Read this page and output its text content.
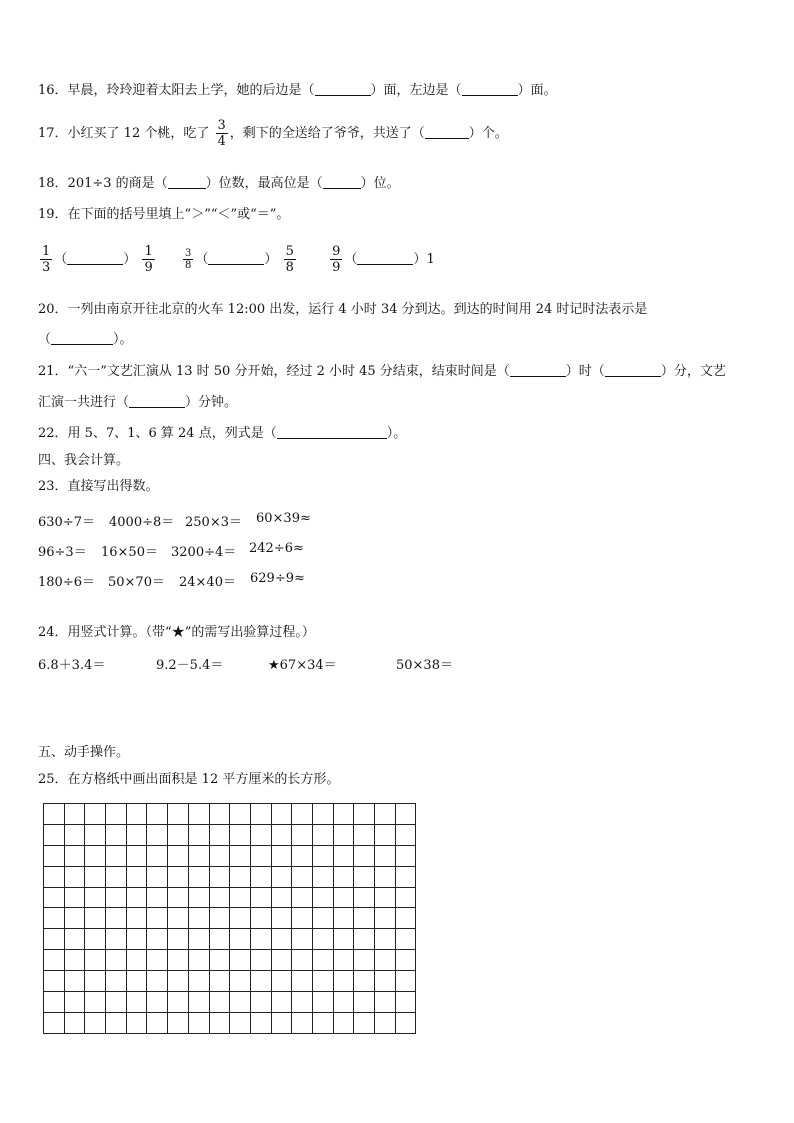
16．早晨，玲玲迎着太阳去上学，她的后边是（	）面，左边是（	）面。
17．小红买了 12 个桃，吃了 $\frac{3}{4}$ ，剩下的全送给了爷爷，共送了（	）个。
18．201÷3 的商是（	）位数，最高位是（	）位。
19．在下面的括号里填上“＞”“＜”或“＝”。
$\frac{1}{3}$ （	） $\frac{1}{9}$
	$\frac{3}{8}$ （	） $\frac{5}{8}$
	$\frac{9}{9}$ （	）1
20．一列由南京开往北京的火车 12:00 出发，运行 4 小时 34 分到达。到达的时间用 24 时记时法表示是
（	）。
21．“六一”文艺汇演从 13 时 50 分开始，经过 2 小时 45 分结束，结束时间是（	）时（	）分，文艺
汇演一共进行（	）分钟。
22．用 5、7、1、6 算 24 点，列式是（	）。
四、我会计算。
23．直接写出得数。
630÷7＝ 4000÷8＝ 250×3＝ 60×39≈
96÷3＝ 16×50＝ 3200÷4＝ 242÷6≈
180÷6＝ 50×70＝ 24×40＝ 629÷9≈
24．用竖式计算。（带“★”的需写出验算过程。）
6.8＋3.4＝	9.2－5.4＝	★67×34＝	50×38＝
五、动手操作。
25．在方格纸中画出面积是 12 平方厘米的长方形。
